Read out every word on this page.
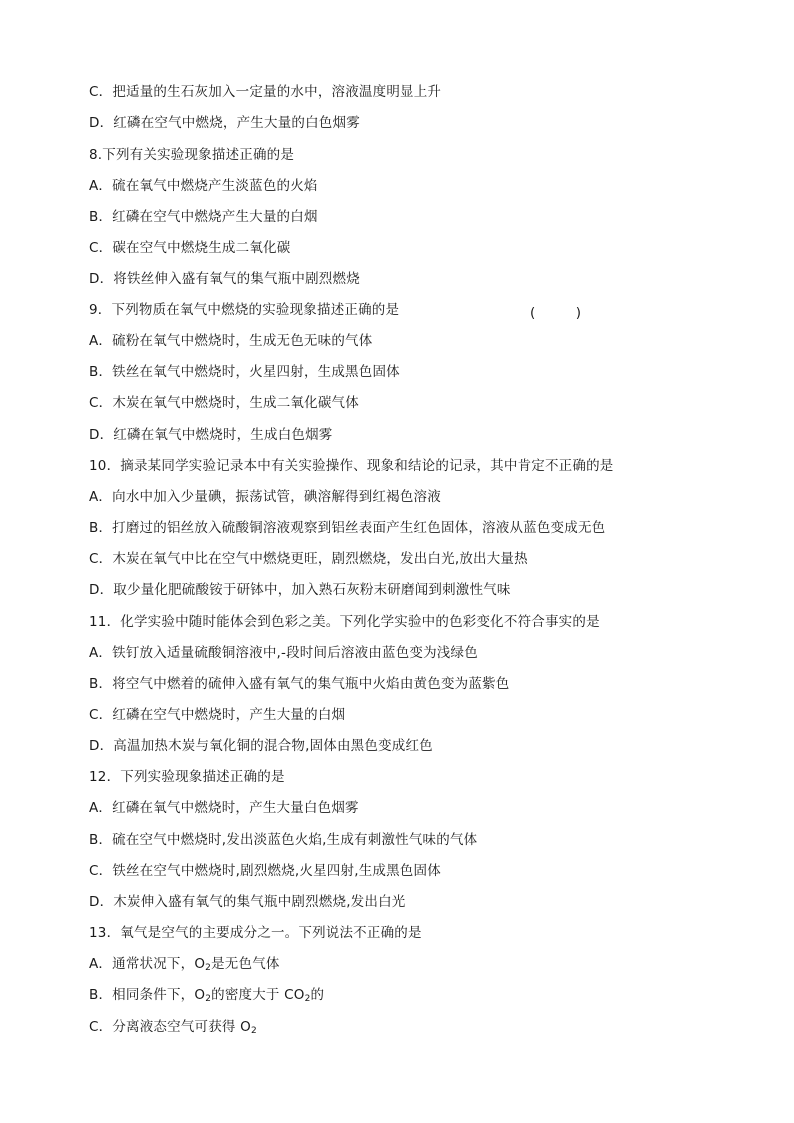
C．把适量的生石灰加入一定量的水中，溶液温度明显上升
D．红磷在空气中燃烧，产生大量的白色烟雾
8.下列有关实验现象描述正确的是
A．硫在氧气中燃烧产生淡蓝色的火焰
B．红磷在空气中燃烧产生大量的白烟
C．碳在空气中燃烧生成二氧化碳
D．将铁丝伸入盛有氧气的集气瓶中剧烈燃烧
9．下列物质在氧气中燃烧的实验现象描述正确的是	(　　　)
A．硫粉在氧气中燃烧时，生成无色无味的气体
B．铁丝在氧气中燃烧时，火星四射，生成黑色固体
C．木炭在氧气中燃烧时，生成二氧化碳气体
D．红磷在氧气中燃烧时，生成白色烟雾
10．摘录某同学实验记录本中有关实验操作、现象和结论的记录，其中肯定不正确的是
A．向水中加入少量碘，振荡试管，碘溶解得到红褐色溶液
B．打磨过的铝丝放入硫酸铜溶液观察到铝丝表面产生红色固体，溶液从蓝色变成无色
C．木炭在氧气中比在空气中燃烧更旺，剧烈燃烧，发出白光,放出大量热
D．取少量化肥硫酸铵于研钵中，加入熟石灰粉末研磨闻到刺激性气味
11．化学实验中随时能体会到色彩之美。下列化学实验中的色彩变化不符合事实的是
A．铁钉放入适量硫酸铜溶液中,-段时间后溶液由蓝色变为浅绿色
B．将空气中燃着的硫伸入盛有氧气的集气瓶中火焰由黄色变为蓝紫色
C．红磷在空气中燃烧时，产生大量的白烟
D．高温加热木炭与氧化铜的混合物,固体由黑色变成红色
12．下列实验现象描述正确的是
A．红磷在氧气中燃烧时，产生大量白色烟雾
B．硫在空气中燃烧时,发出淡蓝色火焰,生成有刺激性气味的气体
C．铁丝在空气中燃烧时,剧烈燃烧,火星四射,生成黑色固体
D．木炭伸入盛有氧气的集气瓶中剧烈燃烧,发出白光
13．氧气是空气的主要成分之一。下列说法不正确的是
A．通常状况下，$O_2$是无色气体
B．相同条件下，$O_2$的密度大于 $CO_2$的
C．分离液态空气可获得 $O_2$
